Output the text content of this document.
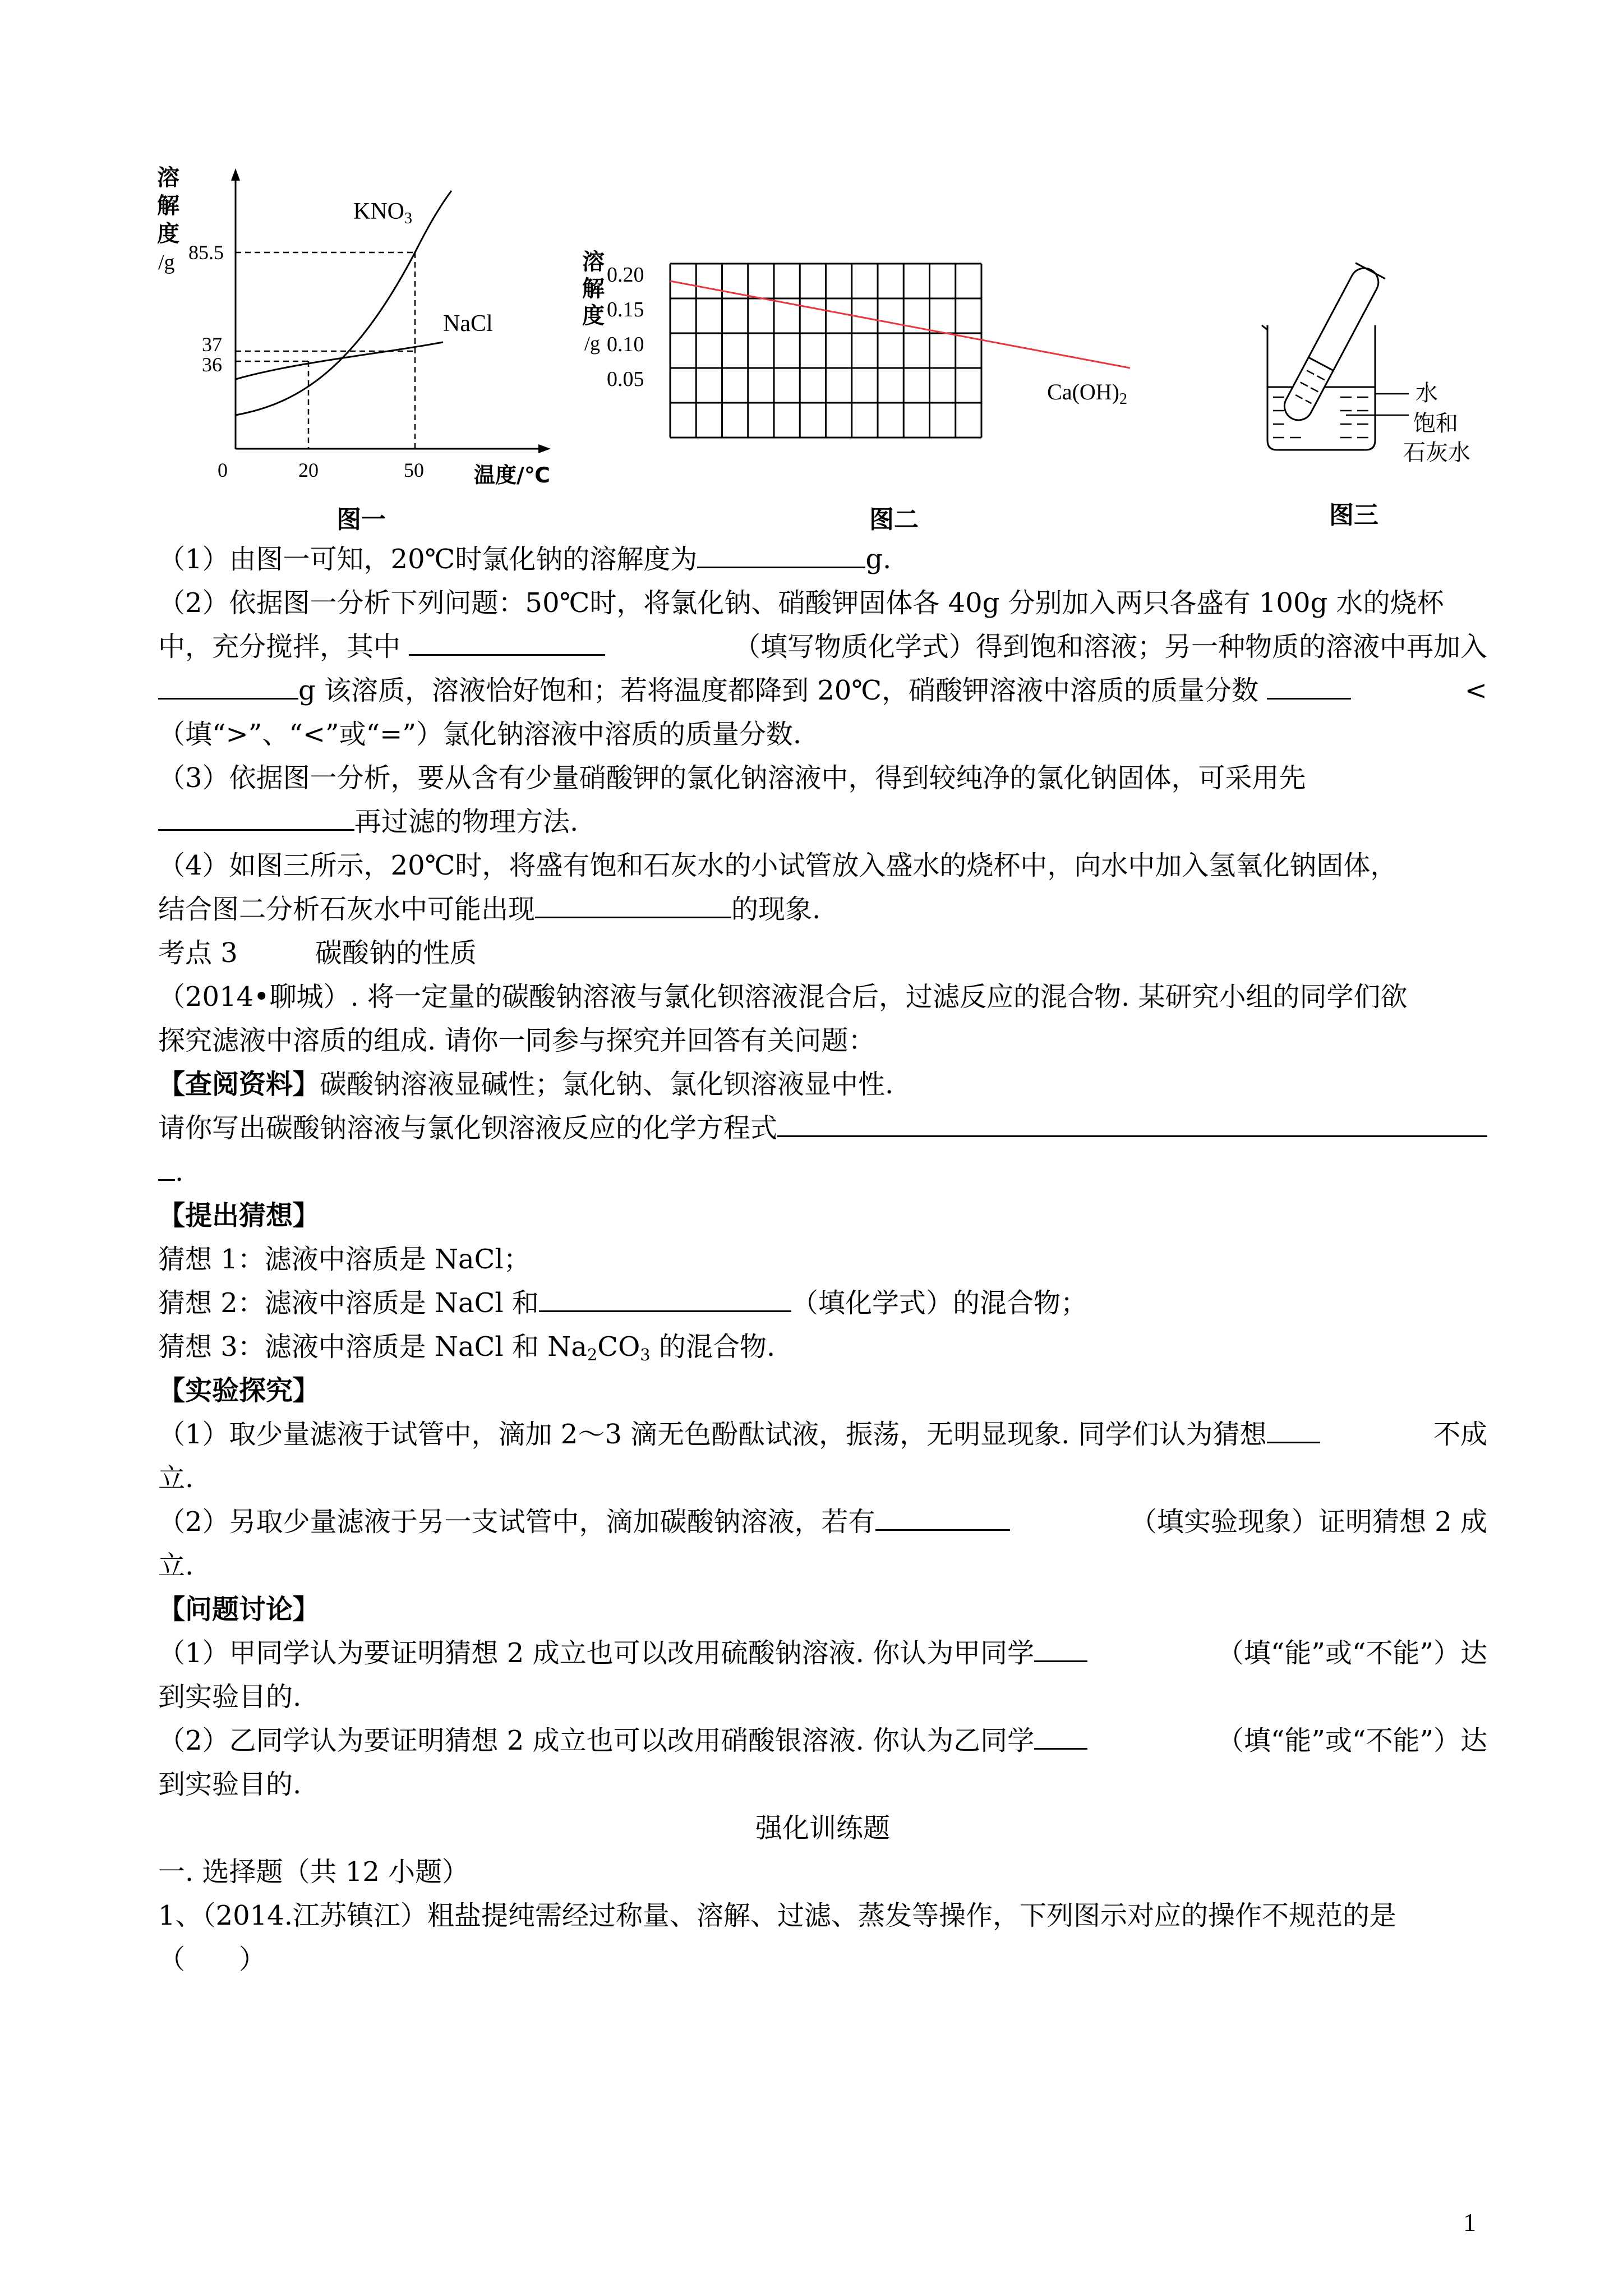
溶
解
度
/g
KNO3
NaCl
85.5
37
36
0	20	50 温度/℃
图一
溶
解
度
/g
0.20
0.15
0.10
0.05	$Ca(OH)_2$
图二
水
饱和
石灰水
图三
（1）由图一可知，20℃时氯化钠的溶解度为	g.
（2）依据图一分析下列问题：50℃时，将氯化钠、硝酸钾固体各 40g 分别加入两只各盛有 100g 水的烧杯
中，充分搅拌，其中	（填写物质化学式）得到饱和溶液；另一种物质的溶液中再加入
g 该溶质，溶液恰好饱和；若将温度都降到 20℃，硝酸钾溶液中溶质的质量分数	<
（填“>”、“<”或“=”）氯化钠溶液中溶质的质量分数.
（3）依据图一分析，要从含有少量硝酸钾的氯化钠溶液中，得到较纯净的氯化钠固体，可采用先
再过滤的物理方法.
（4）如图三所示，20℃时，将盛有饱和石灰水的小试管放入盛水的烧杯中，向水中加入氢氧化钠固体，
结合图二分析石灰水中可能出现	的现象.
考点 3	碳酸钠的性质
（2014•聊城）. 将一定量的碳酸钠溶液与氯化钡溶液混合后，过滤反应的混合物. 某研究小组的同学们欲
探究滤液中溶质的组成. 请你一同参与探究并回答有关问题：
【查阅资料】 碳酸钠溶液显碱性；氯化钠、氯化钡溶液显中性.
请你写出碳酸钠溶液与氯化钡溶液反应的化学方程式
.
【提出猜想】
猜想 1：滤液中溶质是 NaCl；
猜想 2：滤液中溶质是 NaCl 和	（填化学式）的混合物；
猜想 3：滤液中溶质是 NaCl 和 $Na_2CO_3$ 的混合物.
【实验探究】
（1）取少量滤液于试管中，滴加 2～3 滴无色酚酞试液，振荡，无明显现象. 同学们认为猜想	不成
立.
（2）另取少量滤液于另一支试管中，滴加碳酸钠溶液，若有	（填实验现象）证明猜想 2 成
立.
【问题讨论】
（1）甲同学认为要证明猜想 2 成立也可以改用硫酸钠溶液. 你认为甲同学	（填“能”或“不能”）达
到实验目的.
（2）乙同学认为要证明猜想 2 成立也可以改用硝酸银溶液. 你认为乙同学	（填“能”或“不能”）达
到实验目的.
强化训练题
一. 选择题（共 12 小题）
1、（2014.江苏镇江）粗盐提纯需经过称量、溶解、过滤、蒸发等操作，下列图示对应的操作不规范的是
（　　）
1
